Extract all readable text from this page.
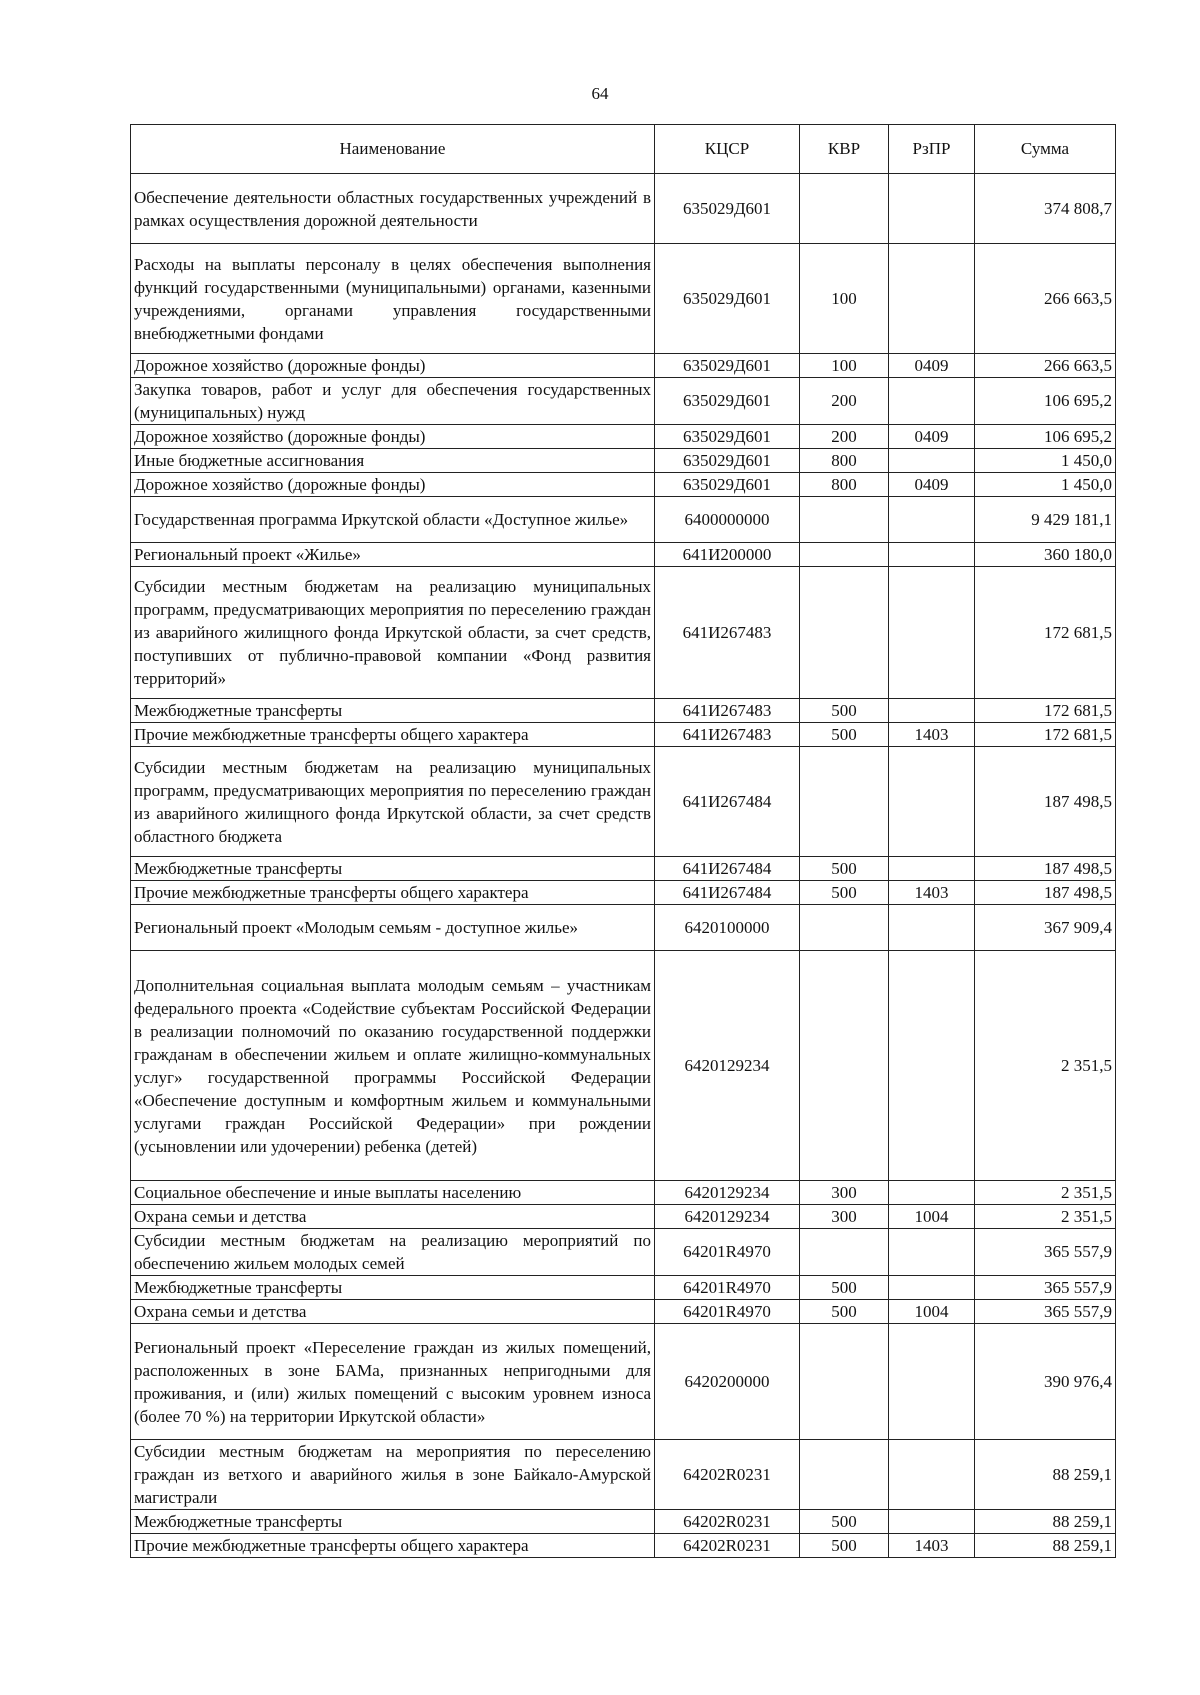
64
Наименование	КЦСР	КВР	РзПР	Сумма
Обеспечение деятельности областных государственных учреждений в рамках осуществления дорожной деятельности	635029Д601			374 808,7
Расходы на выплаты персоналу в целях обеспечения выполнения функций государственными (муниципальными) органами, казенными учреждениями, органами управления государственными внебюджетными фондами	635029Д601	100		266 663,5
Дорожное хозяйство (дорожные фонды)	635029Д601	100	0409	266 663,5
Закупка товаров, работ и услуг для обеспечения государственных (муниципальных) нужд	635029Д601	200		106 695,2
Дорожное хозяйство (дорожные фонды)	635029Д601	200	0409	106 695,2
Иные бюджетные ассигнования	635029Д601	800		1 450,0
Дорожное хозяйство (дорожные фонды)	635029Д601	800	0409	1 450,0
Государственная программа Иркутской области «Доступное жилье»	6400000000			9 429 181,1
Региональный проект «Жилье»	641И200000			360 180,0
Субсидии местным бюджетам на реализацию муниципальных программ, предусматривающих мероприятия по переселению граждан из аварийного жилищного фонда Иркутской области, за счет средств, поступивших от публично-правовой компании «Фонд развития территорий»	641И267483			172 681,5
Межбюджетные трансферты	641И267483	500		172 681,5
Прочие межбюджетные трансферты общего характера	641И267483	500	1403	172 681,5
Субсидии местным бюджетам на реализацию муниципальных программ, предусматривающих мероприятия по переселению граждан из аварийного жилищного фонда Иркутской области, за счет средств областного бюджета	641И267484			187 498,5
Межбюджетные трансферты	641И267484	500		187 498,5
Прочие межбюджетные трансферты общего характера	641И267484	500	1403	187 498,5
Региональный проект «Молодым семьям - доступное жилье»	6420100000			367 909,4
Дополнительная социальная выплата молодым семьям – участникам федерального проекта «Содействие субъектам Российской Федерации в реализации полномочий по оказанию государственной поддержки гражданам в обеспечении жильем и оплате жилищно-коммунальных услуг» государственной программы Российской Федерации «Обеспечение доступным и комфортным жильем и коммунальными услугами граждан Российской Федерации» при рождении (усыновлении или удочерении) ребенка (детей)	6420129234			2 351,5
Социальное обеспечение и иные выплаты населению	6420129234	300		2 351,5
Охрана семьи и детства	6420129234	300	1004	2 351,5
Субсидии местным бюджетам на реализацию мероприятий по обеспечению жильем молодых семей	64201R4970			365 557,9
Межбюджетные трансферты	64201R4970	500		365 557,9
Охрана семьи и детства	64201R4970	500	1004	365 557,9
Региональный проект «Переселение граждан из жилых помещений, расположенных в зоне БАМа, признанных непригодными для проживания, и (или) жилых помещений с высоким уровнем износа (более 70 %) на территории Иркутской области»	6420200000			390 976,4
Субсидии местным бюджетам на мероприятия по переселению граждан из ветхого и аварийного жилья в зоне Байкало-Амурской магистрали	64202R0231			88 259,1
Межбюджетные трансферты	64202R0231	500		88 259,1
Прочие межбюджетные трансферты общего характера	64202R0231	500	1403	88 259,1
